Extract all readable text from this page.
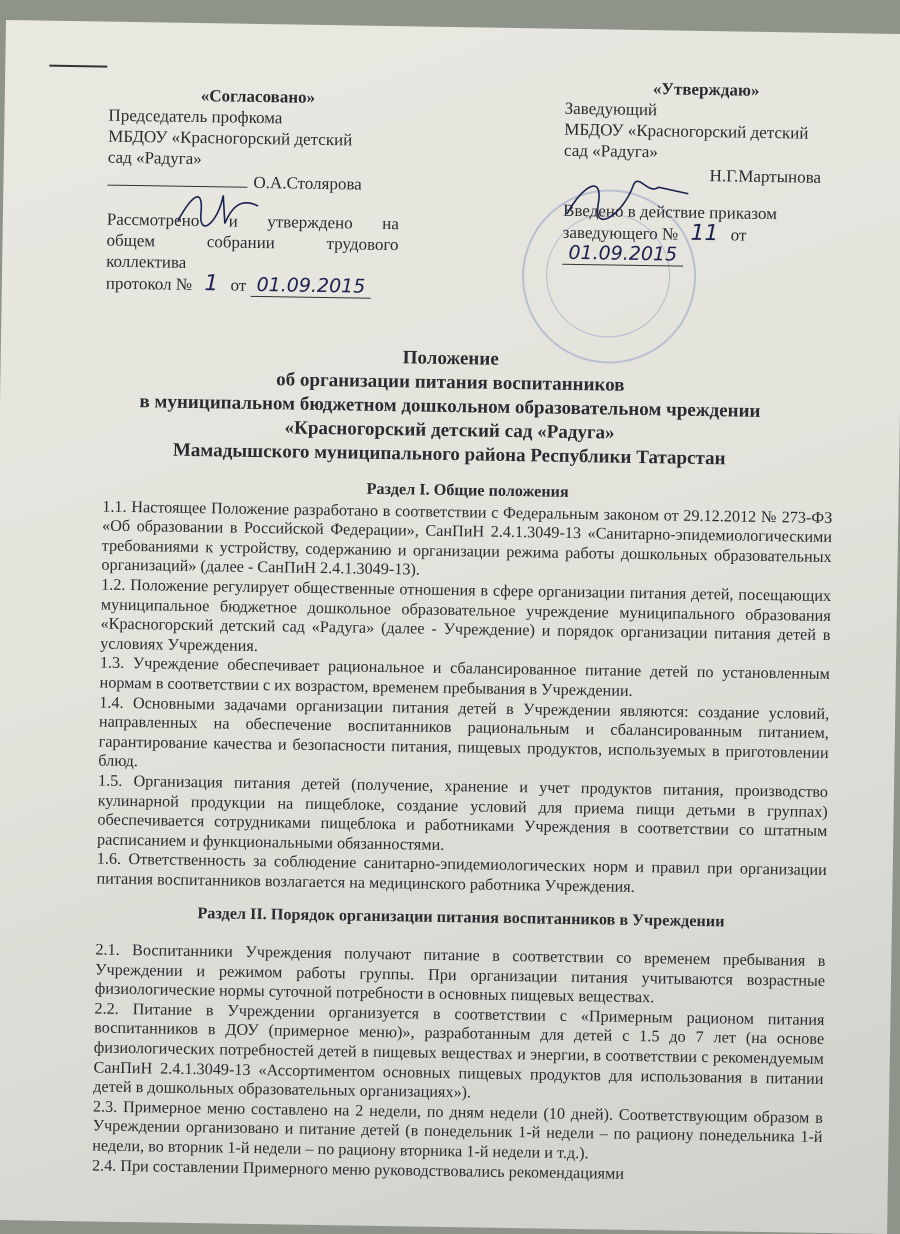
«Согласовано»
Председатель профкома
МБДОУ «Красногорский детский
сад «Радуга»
О.А.Столярова
Рассмотрено и утверждено на
общем собрании трудового
коллектива
протокол № 1 от 01.09.2015
«Утверждаю»
Заведующий
МБДОУ «Красногорский детский
сад «Радуга»
Н.Г.Мартынова
Введено в действие приказом
заведующего № 11 от 01.09.2015
Положение
об организации питания воспитанников
в муниципальном бюджетном дошкольном образовательном чреждении
«Красногорский детский сад «Радуга»
Мамадышского муниципального района Республики Татарстан
Раздел I. Общие положения

1.1. Настоящее Положение разработано в соответствии с Федеральным законом от 29.12.2012 № 273-ФЗ «Об образовании в Российской Федерации», СанПиН 2.4.1.3049-13 «Санитарно-эпидемиологическими требованиями к устройству, содержанию и организации режима работы дошкольных образовательных организаций» (далее - СанПиН 2.4.1.3049-13).

1.2. Положение регулирует общественные отношения в сфере организации питания детей, посещающих муниципальное бюджетное дошкольное образовательное учреждение муниципального образования «Красногорский детский сад «Радуга» (далее - Учреждение) и порядок организации питания детей в условиях Учреждения.

1.3. Учреждение обеспечивает рациональное и сбалансированное питание детей по установленным нормам в соответствии с их возрастом, временем пребывания в Учреждении.

1.4. Основными задачами организации питания детей в Учреждении являются: создание условий, направленных на обеспечение воспитанников рациональным и сбалансированным питанием, гарантирование качества и безопасности питания, пищевых продуктов, используемых в приготовлении блюд.

1.5. Организация питания детей (получение, хранение и учет продуктов питания, производство кулинарной продукции на пищеблоке, создание условий для приема пищи детьми в группах) обеспечивается сотрудниками пищеблока и работниками Учреждения в соответствии со штатным расписанием и функциональными обязанностями.

1.6. Ответственность за соблюдение санитарно-эпидемиологических норм и правил при организации питания воспитанников возлагается на медицинского работника Учреждения.

Раздел II. Порядок организации питания воспитанников в Учреждении

2.1. Воспитанники Учреждения получают питание в соответствии со временем пребывания в Учреждении и режимом работы группы. При организации питания учитываются возрастные физиологические нормы суточной потребности в основных пищевых веществах.

2.2. Питание в Учреждении организуется в соответствии с «Примерным рационом питания воспитанников в ДОУ (примерное меню)», разработанным для детей с 1.5 до 7 лет (на основе физиологических потребностей детей в пищевых веществах и энергии, в соответствии с рекомендуемым СанПиН 2.4.1.3049-13 «Ассортиментом основных пищевых продуктов для использования в питании детей в дошкольных образовательных организациях»).

2.3. Примерное меню составлено на 2 недели, по дням недели (10 дней). Соответствующим образом в Учреждении организовано и питание детей (в понедельник 1-й недели – по рациону понедельника 1-й недели, во вторник 1-й недели – по рациону вторника 1-й недели и т.д.).

2.4. При составлении Примерного меню руководствовались рекомендациями
